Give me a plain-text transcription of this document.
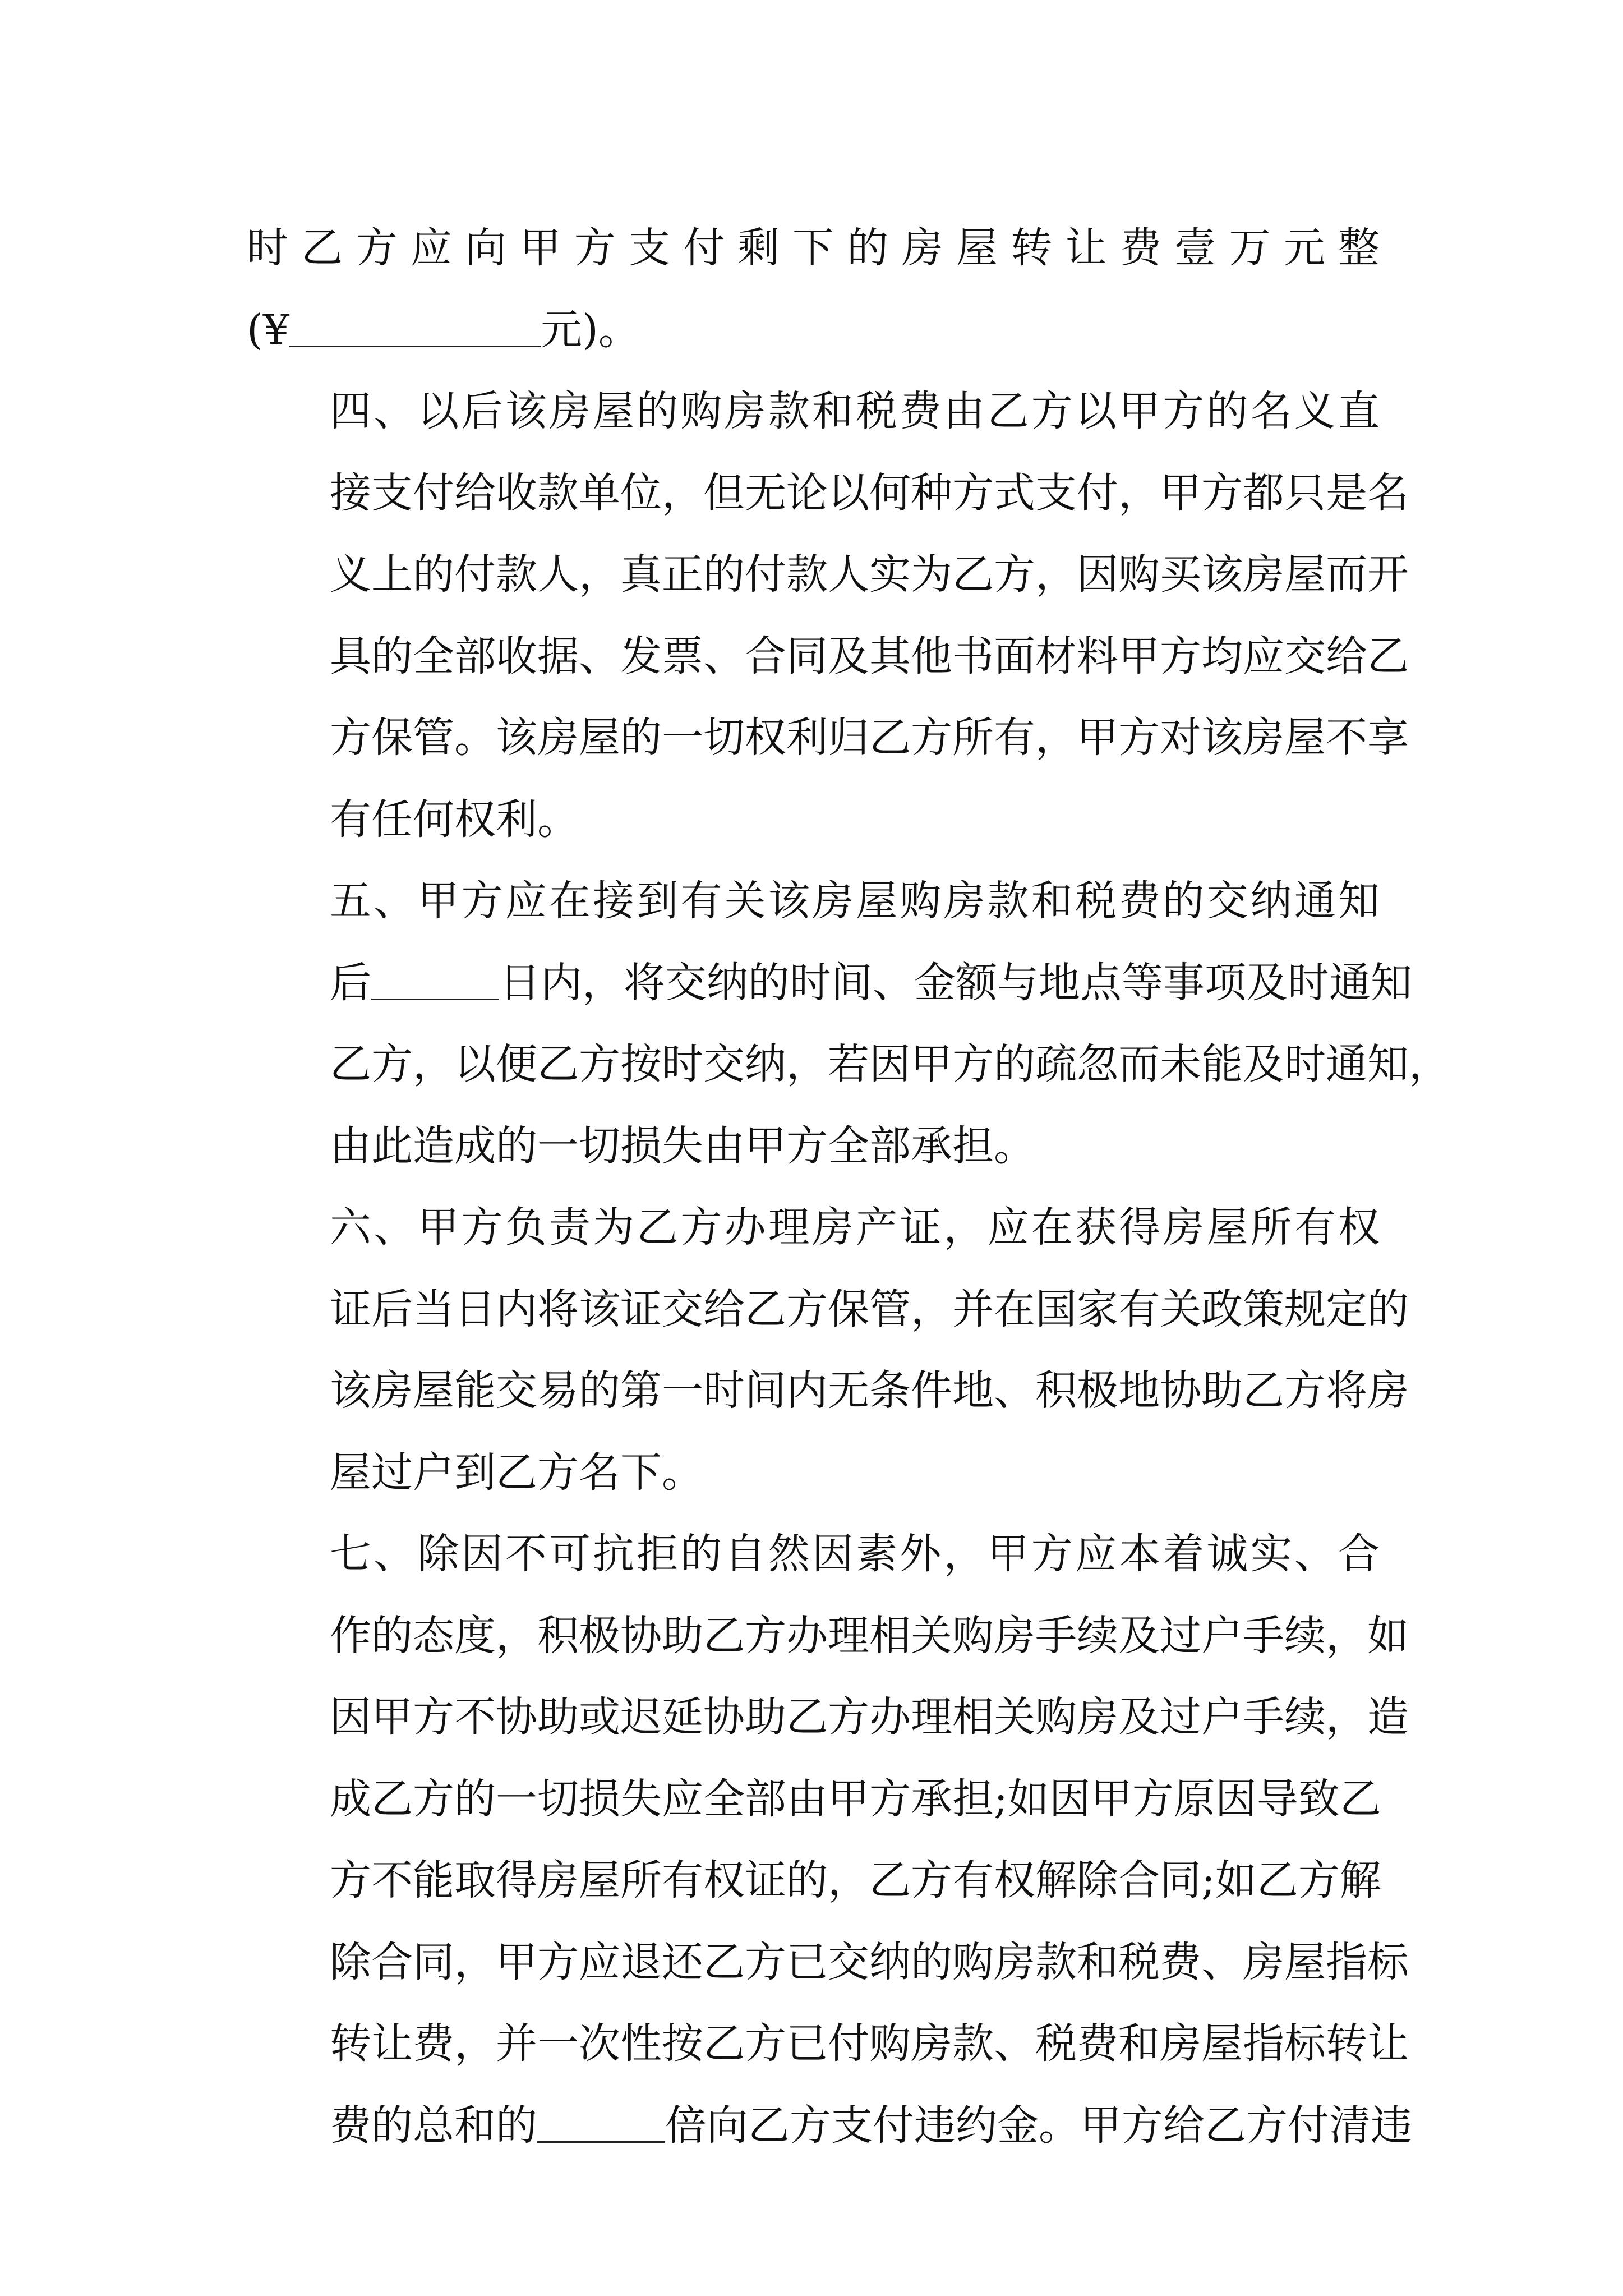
时乙方应向甲方支付剩下的房屋转让费壹万元整
(¥	元)。

四、以后该房屋的购房款和税费由乙方以甲方的名义直
接支付给收款单位，但无论以何种方式支付，甲方都只是名
义上的付款人，真正的付款人实为乙方，因购买该房屋而开
具的全部收据、发票、合同及其他书面材料甲方均应交给乙
方保管。该房屋的一切权利归乙方所有，甲方对该房屋不享
有任何权利。

五、甲方应在接到有关该房屋购房款和税费的交纳通知
后	日内，将交纳的时间、金额与地点等事项及时通知
乙方，以便乙方按时交纳，若因甲方的疏忽而未能及时通知，
由此造成的一切损失由甲方全部承担。

六、甲方负责为乙方办理房产证，应在获得房屋所有权
证后当日内将该证交给乙方保管，并在国家有关政策规定的
该房屋能交易的第一时间内无条件地、积极地协助乙方将房
屋过户到乙方名下。

七、除因不可抗拒的自然因素外，甲方应本着诚实、合
作的态度，积极协助乙方办理相关购房手续及过户手续，如
因甲方不协助或迟延协助乙方办理相关购房及过户手续，造
成乙方的一切损失应全部由甲方承担;如因甲方原因导致乙
方不能取得房屋所有权证的，乙方有权解除合同;如乙方解
除合同，甲方应退还乙方已交纳的购房款和税费、房屋指标
转让费，并一次性按乙方已付购房款、税费和房屋指标转让
费的总和的	倍向乙方支付违约金。甲方给乙方付清违
